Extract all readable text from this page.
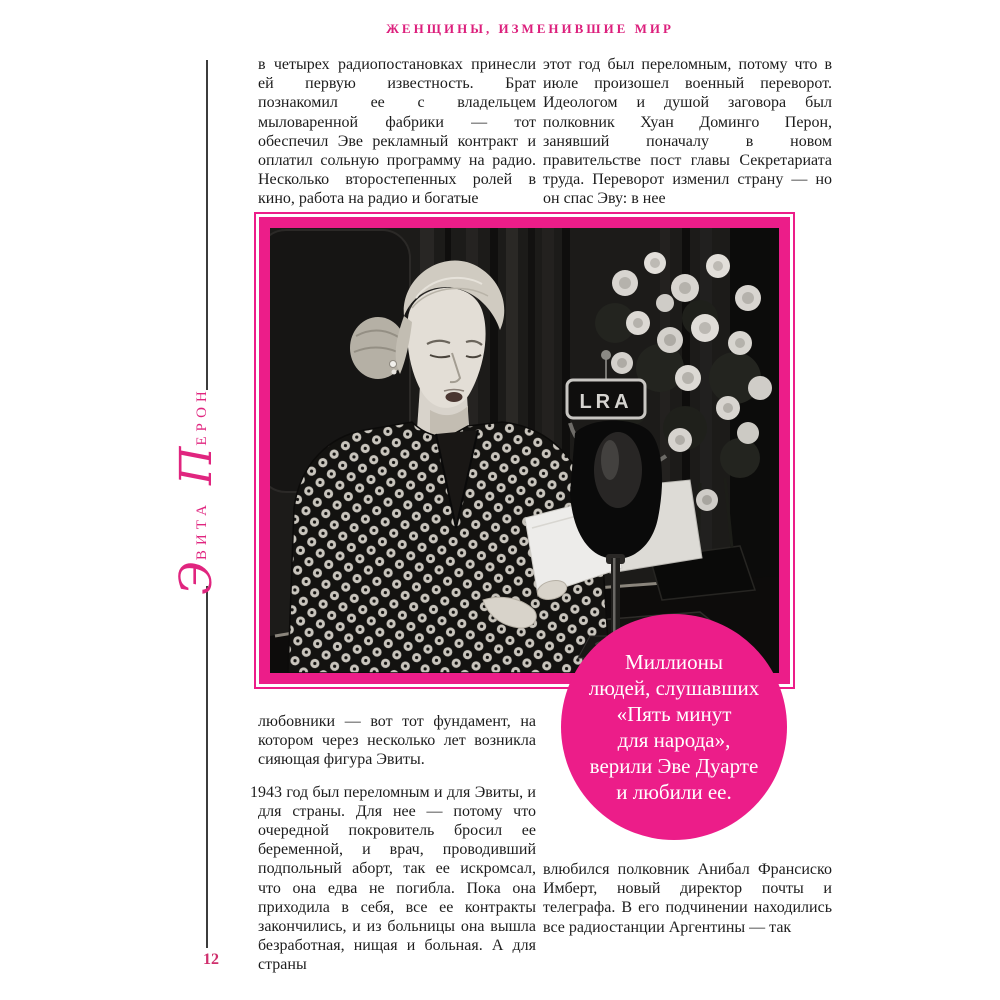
ЖЕНЩИНЫ, ИЗМЕНИВШИЕ МИР
Э
ВИТА
П
ЕРОН

в четырех радиопостановках принесли ей первую известность. Брат познакомил ее с владельцем мыловаренной фабрики — тот обеспечил Эве рекламный контракт и оплатил сольную программу на радио. Несколько второстепенных ролей в кино, работа на радио и богатые

этот год был переломным, потому что в июле произошел военный переворот. Идеологом и душой заговора был полковник Хуан Доминго Перон, занявший поначалу в новом правительстве пост главы Секретариата труда. Переворот изменил страну — но он спас Эву: в нее

LRA
Миллионы
людей, слушавших
«Пять минут
для народа»,
верили Эве Дуарте
и любили ее.

любовники — вот тот фундамент, на котором через несколько лет возникла сияющая фигура Эвиты.

1943 год был переломным и для Эвиты, и для страны. Для нее — потому что очередной покровитель бросил ее беременной, и врач, проводивший подпольный аборт, так ее искромсал, что она едва не погибла. Пока она приходила в себя, все ее контракты закончились, и из больницы она вышла безработная, нищая и больная. А для страны

влюбился полковник Анибал Франсиско Имберт, новый директор почты и телеграфа. В его подчинении находились все радиостанции Аргентины — так

12
